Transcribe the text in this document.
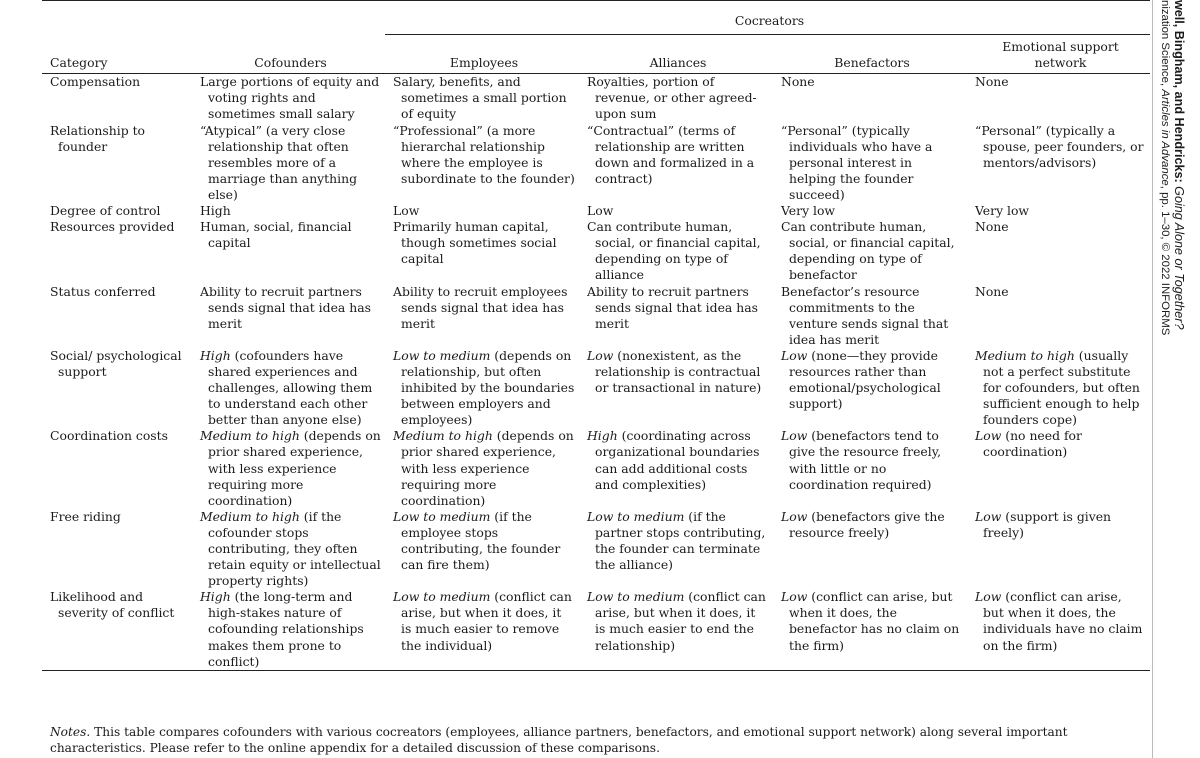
		Cocreators			
Category	Cofounders	Employees	Alliances	Benefactors	Emotional support network
Compensation	Large portions of equity and voting rights and sometimes small salary	Salary, benefits, and sometimes a small portion of equity	Royalties, portion of revenue, or other agreed-upon sum	None	None
Relationship to founder	“Atypical” (a very close relationship that often resembles more of a marriage than anything else)	“Professional” (a more hierarchal relationship where the employee is subordinate to the founder)	“Contractual” (terms of relationship are written down and formalized in a contract)	“Personal” (typically individuals who have a personal interest in helping the founder succeed)	“Personal” (typically a spouse, peer founders, or mentors/advisors)
Degree of control	High	Low	Low	Very low	Very low
Resources provided	Human, social, financial capital	Primarily human capital, though sometimes social capital	Can contribute human, social, or financial capital, depending on type of alliance	Can contribute human, social, or financial capital, depending on type of benefactor	None
Status conferred	Ability to recruit partners sends signal that idea has merit	Ability to recruit employees sends signal that idea has merit	Ability to recruit partners sends signal that idea has merit	Benefactor’s resource commitments to the venture sends signal that idea has merit	None
Social/ psychological support	High (cofounders have shared experiences and challenges, allowing them to understand each other better than anyone else)	Low to medium (depends on relationship, but often inhibited by the boundaries between employers and employees)	Low (nonexistent, as the relationship is contractual or transactional in nature)	Low (none—they provide resources rather than emotional/psychological support)	Medium to high (usually not a perfect substitute for cofounders, but often sufficient enough to help founders cope)
Coordination costs	Medium to high (depends on prior shared experience, with less experience requiring more coordination)	Medium to high (depends on prior shared experience, with less experience requiring more coordination)	High (coordinating across organizational boundaries can add additional costs and complexities)	Low (benefactors tend to give the resource freely, with little or no coordination required)	Low (no need for coordination)
Free riding	Medium to high (if the cofounder stops contributing, they often retain equity or intellectual property rights)	Low to medium (if the employee stops contributing, the founder can fire them)	Low to medium (if the partner stops contributing, the founder can terminate the alliance)	Low (benefactors give the resource freely)	Low (support is given freely)
Likelihood and severity of conflict	High (the long-term and high-stakes nature of cofounding relationships makes them prone to conflict)	Low to medium (conflict can arise, but when it does, it is much easier to remove the individual)	Low to medium (conflict can arise, but when it does, it is much easier to end the relationship)	Low (conflict can arise, but when it does, the benefactor has no claim on the firm)	Low (conflict can arise, but when it does, the individuals have no claim on the firm)

Notes. This table compares cofounders with various cocreators (employees, alliance partners, benefactors, and emotional support network) along several important characteristics. Please refer to the online appendix for a detailed discussion of these comparisons.

well, Bingham, and Hendricks: Going Alone or Together?
nization Science, Articles in Advance, pp. 1–30, © 2022 INFORMS
